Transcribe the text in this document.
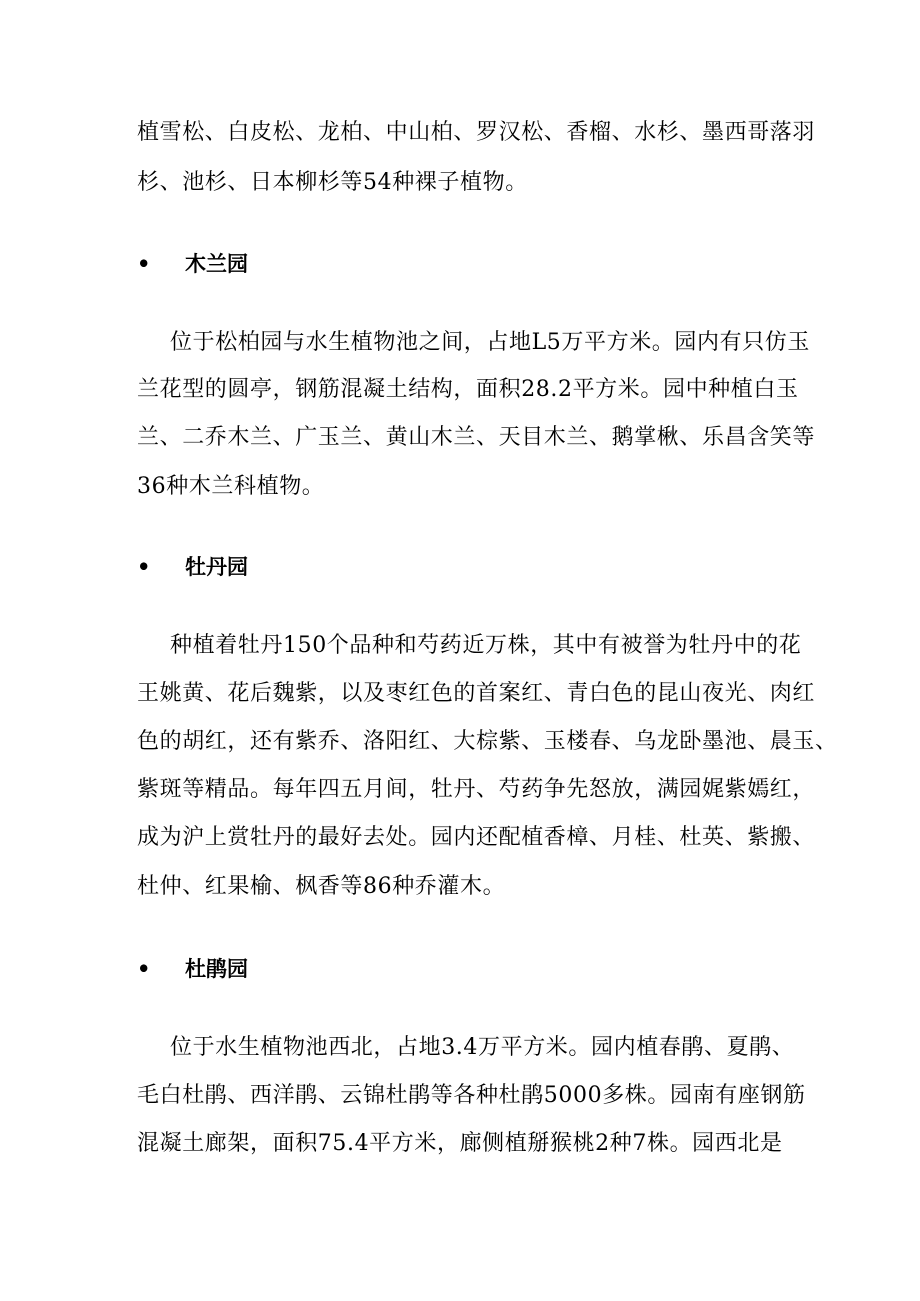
植雪松、白皮松、龙柏、中山柏、罗汉松、香榴、水杉、墨西哥落羽
杉、池杉、日本柳杉等54种裸子植物。
• 木兰园
位于松柏园与水生植物池之间，占地L5万平方米。园内有只仿玉
兰花型的圆亭，钢筋混凝土结构，面积28.2平方米。园中种植白玉
兰、二乔木兰、广玉兰、黄山木兰、天目木兰、鹅掌楸、乐昌含笑等
36种木兰科植物。
• 牡丹园
种植着牡丹150个品种和芍药近万株，其中有被誉为牡丹中的花
王姚黄、花后魏紫，以及枣红色的首案红、青白色的昆山夜光、肉红
色的胡红，还有紫乔、洛阳红、大棕紫、玉楼春、乌龙卧墨池、晨玉、
紫斑等精品。每年四五月间，牡丹、芍药争先怒放，满园娓紫嫣红，
成为沪上赏牡丹的最好去处。园内还配植香樟、月桂、杜英、紫搬、
杜仲、红果榆、枫香等86种乔灌木。
• 杜鹃园
位于水生植物池西北，占地3.4万平方米。园内植春鹃、夏鹃、
毛白杜鹃、西洋鹃、云锦杜鹃等各种杜鹃5000多株。园南有座钢筋
混凝土廊架，面积75.4平方米，廊侧植掰猴桃2种7株。园西北是
